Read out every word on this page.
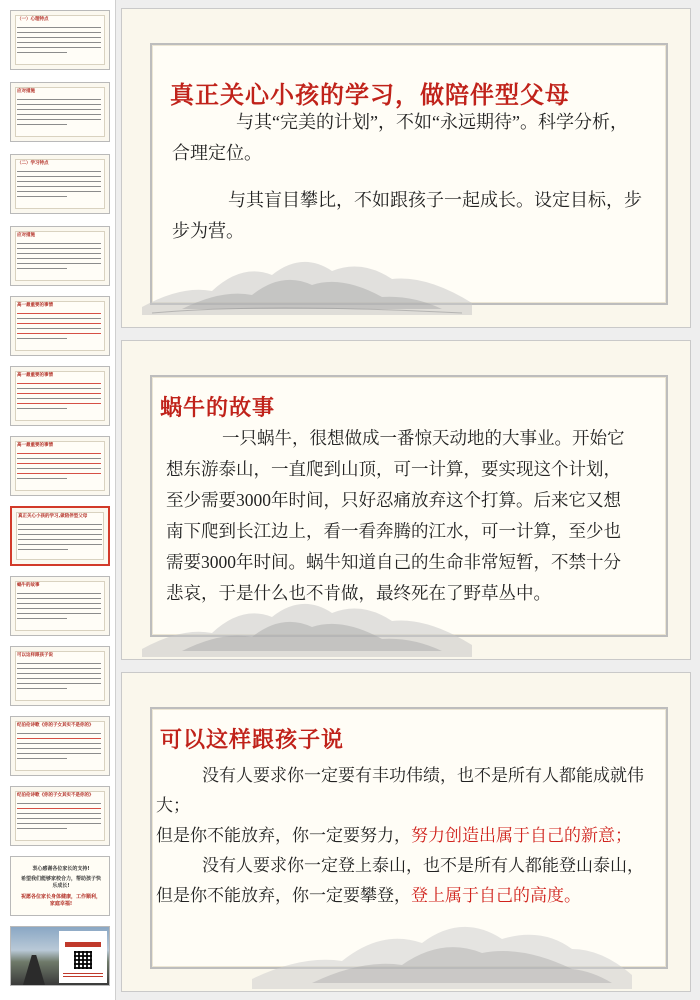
（一）心理特点
应对措施
（二）学习特点
应对措施
高一最重要的事情
高一最重要的事情
高一最重要的事情
真正关心小孩的学习,做陪伴型父母
蜗牛的故事
可以这样跟孩子说
纪伯伦诗歌《你的子女其实不是你的》
纪伯伦诗歌《你的子女其实不是你的》
衷心感谢各位家长的支持!
希望我们能够家校合力，帮助孩子快乐成长!
祝愿各位家长身体健康，工作顺利，家庭幸福!
真正关心小孩的学习，做陪伴型父母
与其“完美的计划”，不如“永远期待”。科学分析，合理定位。
与其盲目攀比，不如跟孩子一起成长。设定目标，步步为营。
蜗牛的故事
一只蜗牛，很想做成一番惊天动地的大事业。开始它想东游泰山，一直爬到山顶，可一计算，要实现这个计划，至少需要3000年时间，只好忍痛放弃这个打算。后来它又想南下爬到长江边上，看一看奔腾的江水，可一计算，至少也需要3000年时间。蜗牛知道自己的生命非常短暂，不禁十分悲哀，于是什么也不肯做，最终死在了野草丛中。
可以这样跟孩子说
没有人要求你一定要有丰功伟绩，也不是所有人都能成就伟大；
但是你不能放弃，你一定要努力，努力创造出属于自己的新意；
没有人要求你一定登上泰山，也不是所有人都能登山泰山，
但是你不能放弃，你一定要攀登，登上属于自己的高度。
